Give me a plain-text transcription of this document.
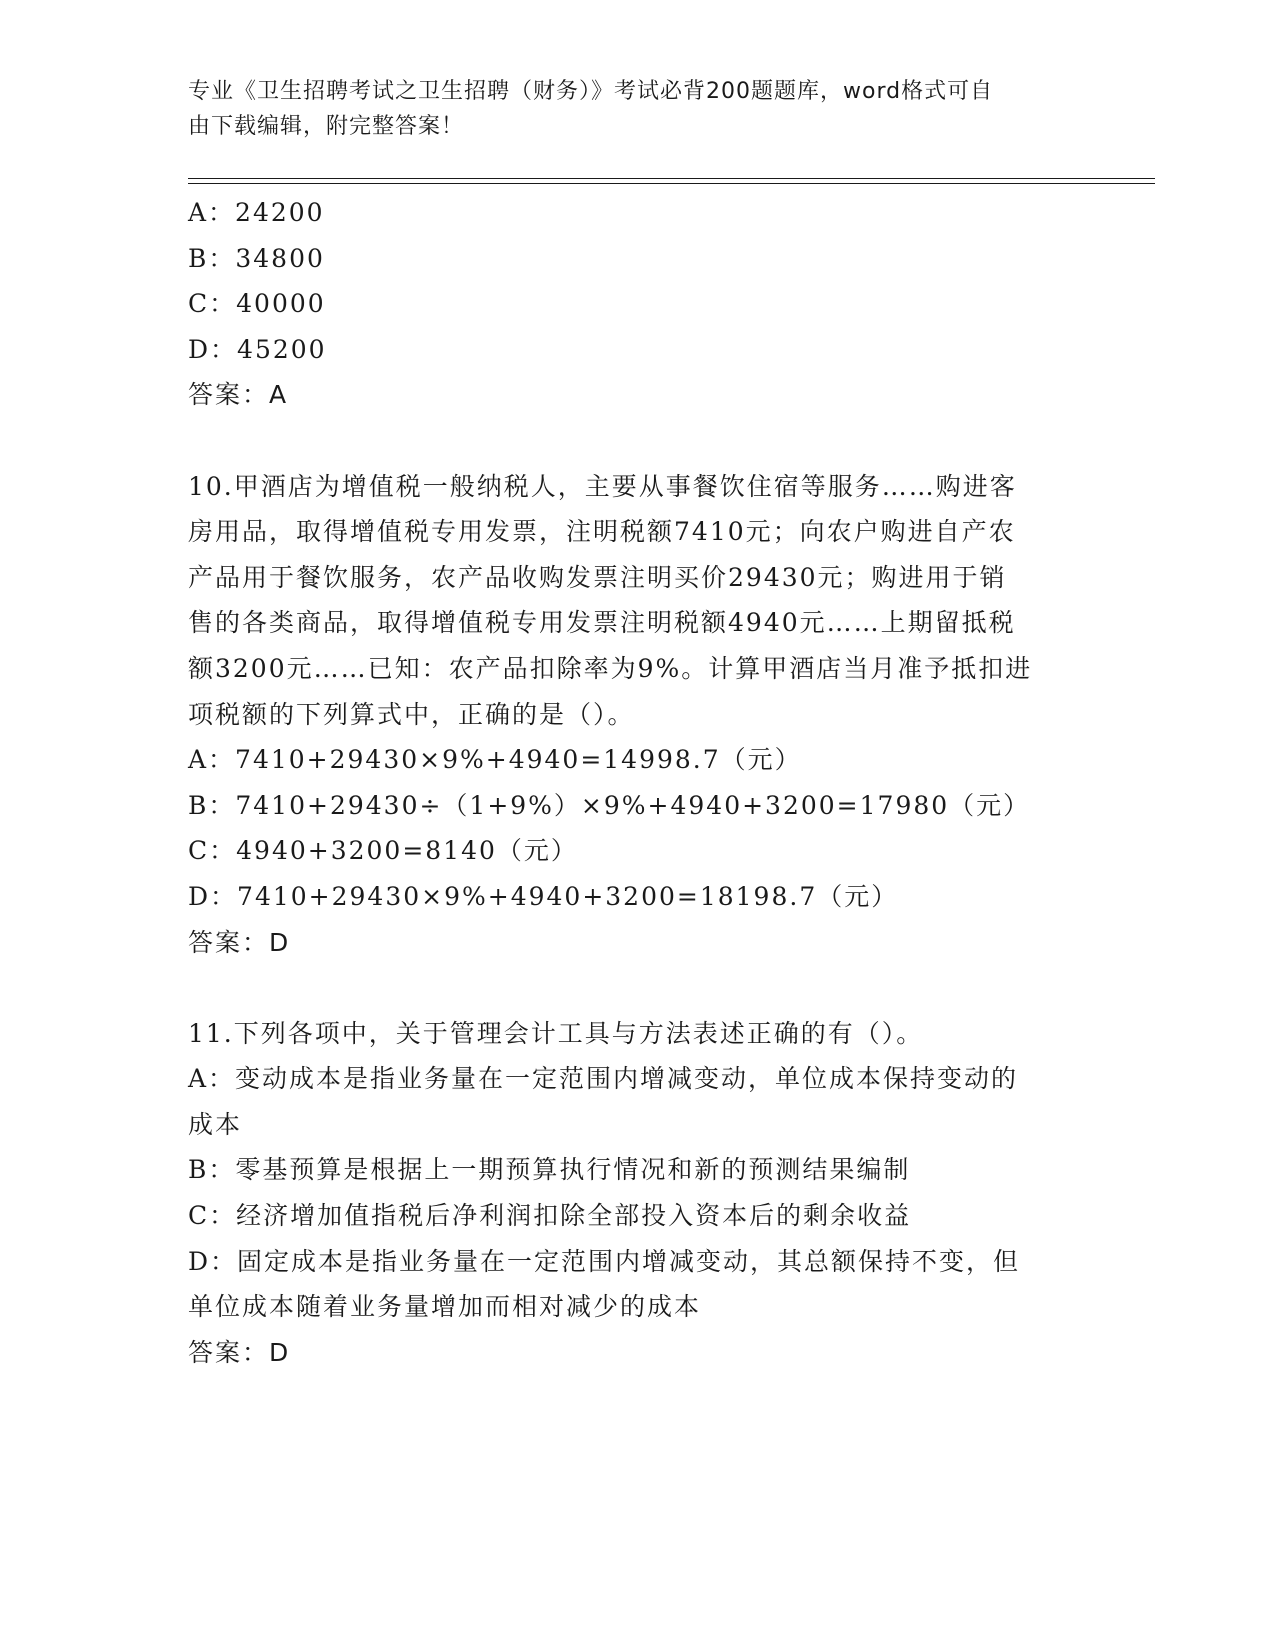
专业《卫生招聘考试之卫生招聘（财务）》考试必背200题题库，word格式可自
由下载编辑，附完整答案！
A：24200
B：34800
C：40000
D：45200
答案：A
10.甲酒店为增值税一般纳税人，主要从事餐饮住宿等服务……购进客
房用品，取得增值税专用发票，注明税额7410元；向农户购进自产农
产品用于餐饮服务，农产品收购发票注明买价29430元；购进用于销
售的各类商品，取得增值税专用发票注明税额4940元……上期留抵税
额3200元……已知：农产品扣除率为9%。计算甲酒店当月准予抵扣进
项税额的下列算式中，正确的是（）。
A：7410+29430×9%+4940=14998.7（元）
B：7410+29430÷（1+9%）×9%+4940+3200=17980（元）
C：4940+3200=8140（元）
D：7410+29430×9%+4940+3200=18198.7（元）
答案：D
11.下列各项中，关于管理会计工具与方法表述正确的有（）。
A：变动成本是指业务量在一定范围内增减变动，单位成本保持变动的
成本
B：零基预算是根据上一期预算执行情况和新的预测结果编制
C：经济增加值指税后净利润扣除全部投入资本后的剩余收益
D：固定成本是指业务量在一定范围内增减变动，其总额保持不变，但
单位成本随着业务量增加而相对减少的成本
答案：D
